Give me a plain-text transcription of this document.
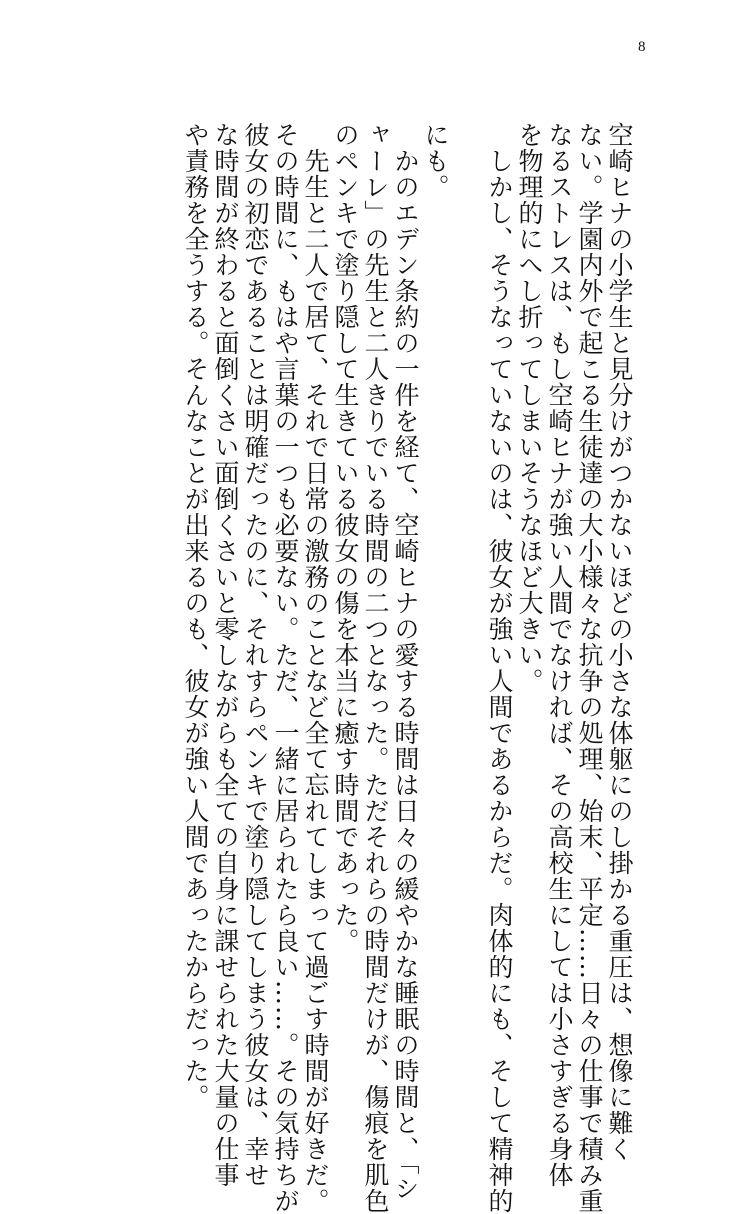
8

空崎ヒナの小学生と見分けがつかないほどの小さな体躯にのし掛かる重圧は、想像に難く

ない。学園内外で起こる生徒達の大小様々な抗争の処理、始末、平定……日々の仕事で積み重

なるストレスは、もし空崎ヒナが強い人間でなければ、その高校生にしては小さすぎる身体

を物理的にへし折ってしまいそうなほど大きい。

　しかし、そうなっていないのは、彼女が強い人間であるからだ。肉体的にも、そして精神的

にも。

　かのエデン条約の一件を経て、空崎ヒナの愛する時間は日々の緩やかな睡眠の時間と、「シ

ャーレ」の先生と二人きりでいる時間の二つとなった。ただそれらの時間だけが、傷痕を肌色

のペンキで塗り隠して生きている彼女の傷を本当に癒す時間であった。

　先生と二人で居て、それで日常の激務のことなど全て忘れてしまって過ごす時間が好きだ。

その時間に、もはや言葉の一つも必要ない。ただ、一緒に居られたら良い……。その気持ちが

彼女の初恋であることは明確だったのに、それすらペンキで塗り隠してしまう彼女は、幸せ

な時間が終わると面倒くさい面倒くさいと零しながらも全ての自身に課せられた大量の仕事

や責務を全うする。そんなことが出来るのも、彼女が強い人間であったからだった。
